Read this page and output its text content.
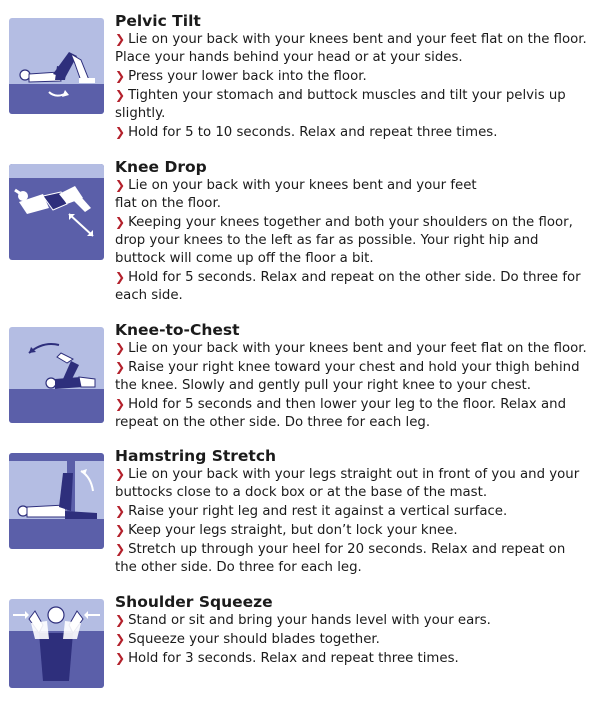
Pelvic Tilt

❯ Lie on your back with your knees bent and your feet flat on the floor. Place your hands behind your head or at your sides.

❯ Press your lower back into the floor.

❯ Tighten your stomach and buttock muscles and tilt your pelvis up slightly.

❯ Hold for 5 to 10 seconds. Relax and repeat three times.

Knee Drop

❯ Lie on your back with your knees bent and your feet flat on the floor.

❯ Keeping your knees together and both your shoulders on the floor, drop your knees to the left as far as possible. Your right hip and buttock will come up off the floor a bit.

❯ Hold for 5 seconds. Relax and repeat on the other side. Do three for each side.

Knee-to-Chest

❯ Lie on your back with your knees bent and your feet flat on the floor.

❯ Raise your right knee toward your chest and hold your thigh behind the knee. Slowly and gently pull your right knee to your chest.

❯ Hold for 5 seconds and then lower your leg to the floor. Relax and repeat on the other side. Do three for each leg.

Hamstring Stretch

❯ Lie on your back with your legs straight out in front of you and your buttocks close to a dock box or at the base of the mast.

❯ Raise your right leg and rest it against a vertical surface.

❯ Keep your legs straight, but don’t lock your knee.

❯ Stretch up through your heel for 20 seconds. Relax and repeat on the other side. Do three for each leg.

Shoulder Squeeze

❯ Stand or sit and bring your hands level with your ears.

❯ Squeeze your should blades together.

❯ Hold for 3 seconds. Relax and repeat three times.
